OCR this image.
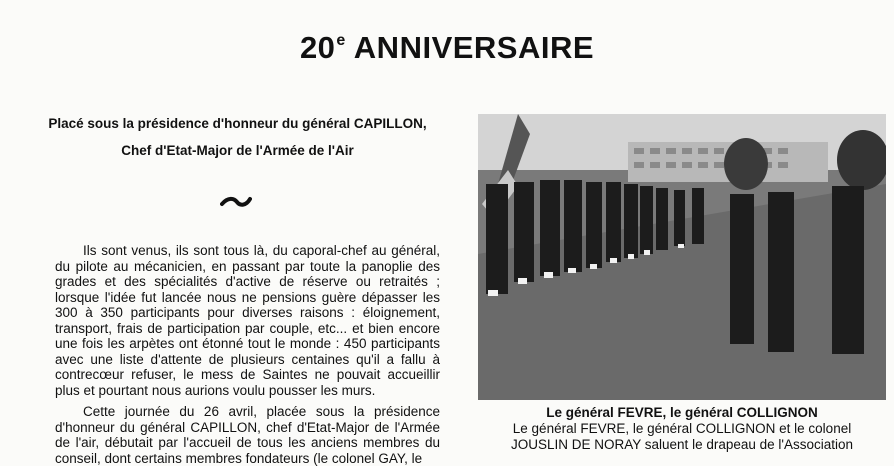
20e ANNIVERSAIRE
Placé sous la présidence d'honneur du général CAPILLON,
Chef d'Etat-Major de l'Armée de l'Air

Ils sont venus, ils sont tous là, du caporal-chef au général, du pilote au mécanicien, en passant par toute la panoplie des grades et des spécialités d'active de réserve ou retraités ; lorsque l'idée fut lancée nous ne pensions guère dépasser les 300 à 350 participants pour diverses raisons : éloignement, transport, frais de participation par couple, etc... et bien encore une fois les arpètes ont étonné tout le monde : 450 participants avec une liste d'attente de plusieurs centaines qu'il a fallu à contrecœur refuser, le mess de Saintes ne pouvait accueillir plus et pourtant nous aurions voulu pousser les murs.

Cette journée du 26 avril, placée sous la présidence d'honneur du général CAPILLON, chef d'Etat-Major de l'Armée de l'air, débutait par l'accueil de tous les anciens membres du conseil, dont certains membres fondateurs (le colonel GAY, le

Le général FEVRE, le général COLLIGNON
Le général FEVRE, le général COLLIGNON et le colonel
JOUSLIN DE NORAY saluent le drapeau de l'Association
